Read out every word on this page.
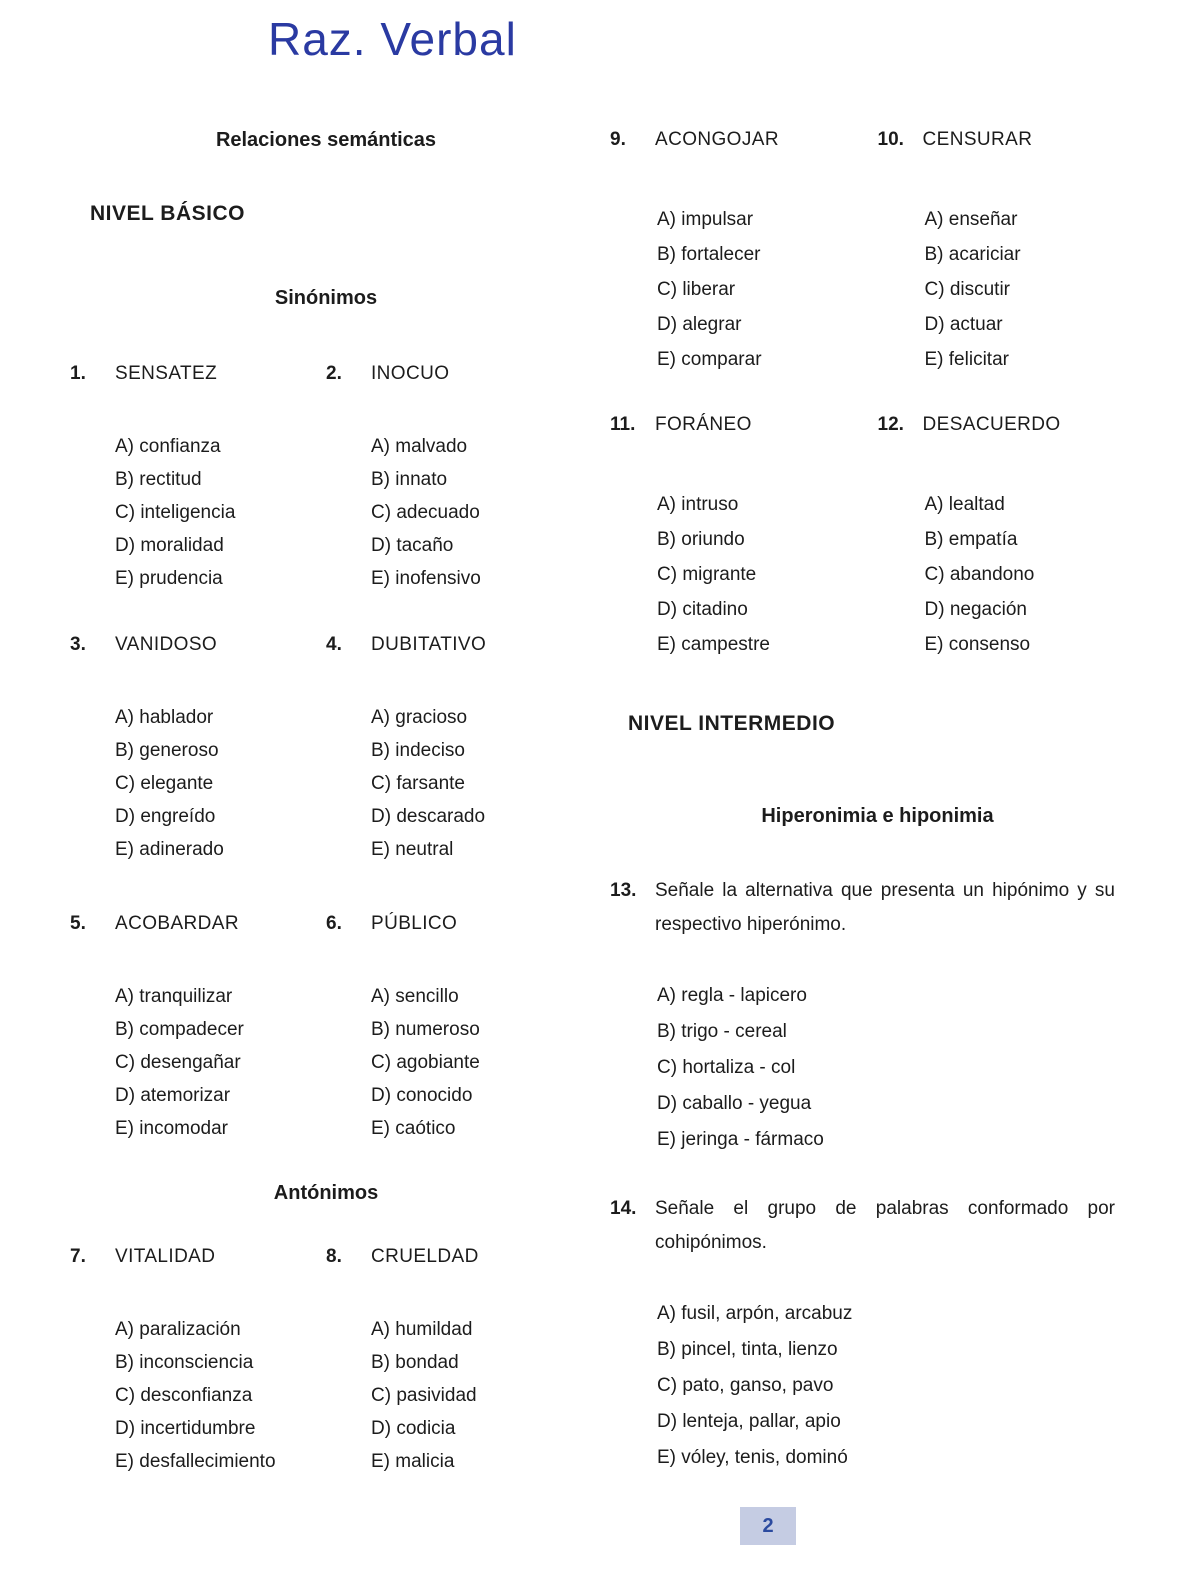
Raz. Verbal
Relaciones semánticas
NIVEL BÁSICO
Sinónimos
1.	SENSATEZ
A) confianza
B) rectitud
C) inteligencia
D) moralidad
E) prudencia
2.	INOCUO
A) malvado
B) innato
C) adecuado
D) tacaño
E) inofensivo
3.	VANIDOSO
A) hablador
B) generoso
C) elegante
D) engreído
E) adinerado
4.	DUBITATIVO
A) gracioso
B) indeciso
C) farsante
D) descarado
E) neutral
5.	ACOBARDAR
A) tranquilizar
B) compadecer
C) desengañar
D) atemorizar
E) incomodar
6.	PÚBLICO
A) sencillo
B) numeroso
C) agobiante
D) conocido
E) caótico
Antónimos
7.	VITALIDAD
A) paralización
B) inconsciencia
C) desconfianza
D) incertidumbre
E) desfallecimiento
8.	CRUELDAD
A) humildad
B) bondad
C) pasividad
D) codicia
E) malicia
9.	ACONGOJAR
A) impulsar
B) fortalecer
C) liberar
D) alegrar
E) comparar
10. CENSURAR
A) enseñar
B) acariciar
C) discutir
D) actuar
E) felicitar
11.	FORÁNEO
A) intruso
B) oriundo
C) migrante
D) citadino
E) campestre
12. DESACUERDO
A) lealtad
B) empatía
C) abandono
D) negación
E) consenso
NIVEL INTERMEDIO
Hiperonimia e hiponimia
13. Señale la alternativa que presenta un hipónimo y su respectivo hiperónimo.
A) regla - lapicero
B) trigo - cereal
C) hortaliza - col
D) caballo - yegua
E) jeringa - fármaco
14. Señale el grupo de palabras conformado por cohipónimos.
A) fusil, arpón, arcabuz
B) pincel, tinta, lienzo
C) pato, ganso, pavo
D) lenteja, pallar, apio
E) vóley, tenis, dominó
2
